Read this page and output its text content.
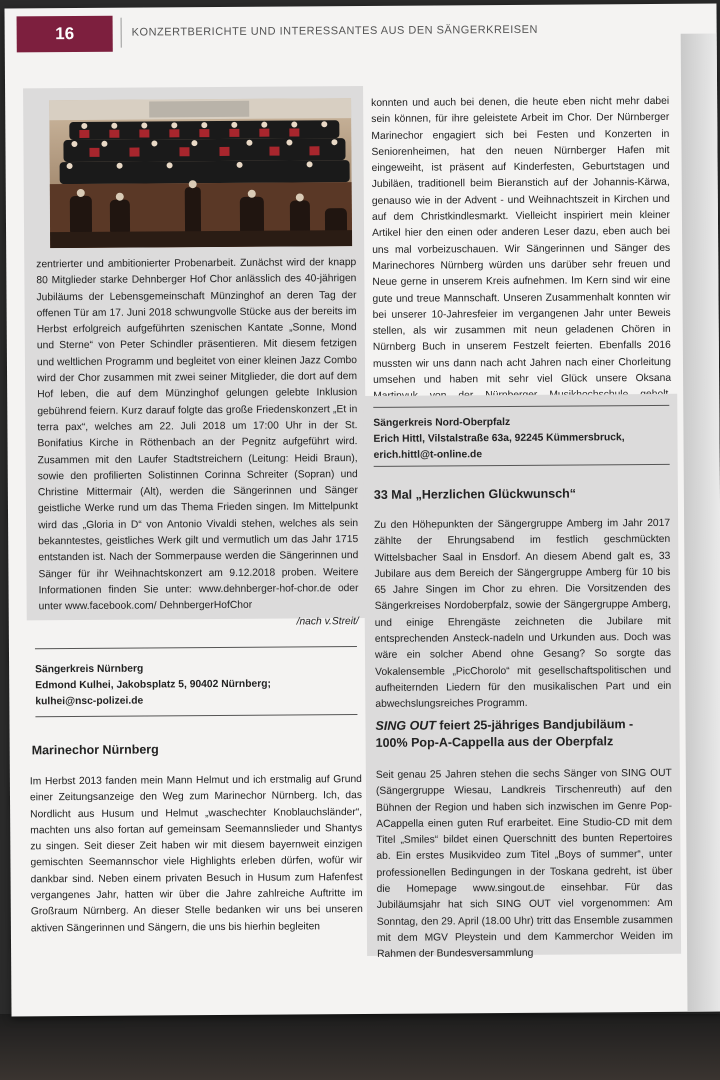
16	KONZERTBERICHTE UND INTERESSANTES AUS DEN SÄNGERKREISEN

zentrierter und ambitionierter Probenarbeit. Zunächst wird der knapp 80 Mitglieder starke Dehnberger Hof Chor anlässlich des 40-jährigen Jubiläums der Lebensgemeinschaft Münzinghof an deren Tag der offenen Tür am 17. Juni 2018 schwungvolle Stücke aus der bereits im Herbst erfolgreich aufgeführten szenischen Kantate „Sonne, Mond und Sterne“ von Peter Schindler präsentieren. Mit diesem fetzigen und weltlichen Programm und begleitet von einer kleinen Jazz Combo wird der Chor zusammen mit zwei seiner Mitglieder, die dort auf dem Hof leben, die auf dem Münzinghof gelungen gelebte Inklusion gebührend feiern. Kurz darauf folgte das große Friedenskonzert „Et in terra pax“, welches am 22. Juli 2018 um 17:00 Uhr in der St. Bonifatius Kirche in Röthenbach an der Pegnitz aufgeführt wird. Zusammen mit den Laufer Stadtstreichern (Leitung: Heidi Braun), sowie den profilierten Solistinnen Corinna Schreiter (Sopran) und Christine Mittermair (Alt), werden die Sängerinnen und Sänger geistliche Werke rund um das Thema Frieden singen. Im Mittelpunkt wird das „Gloria in D“ von Antonio Vivaldi stehen, welches als sein bekanntestes, geistliches Werk gilt und vermutlich um das Jahr 1715 entstanden ist. Nach der Sommerpause werden die Sängerinnen und Sänger für ihr Weihnachtskonzert am 9.12.2018 proben. Weitere Informationen finden Sie unter: www.dehnberger-hof-chor.de oder unter www.facebook.com/ DehnbergerHofChor

/nach v.Streit/

Sängerkreis Nürnberg
Edmond Kulhei, Jakobsplatz 5, 90402 Nürnberg;
kulhei@nsc-polizei.de
Marinechor Nürnberg

Im Herbst 2013 fanden mein Mann Helmut und ich erstmalig auf Grund einer Zeitungsanzeige den Weg zum Marinechor Nürnberg. Ich, das Nordlicht aus Husum und Helmut „waschechter Knoblauchsländer“, machten uns also fortan auf gemeinsam Seemannslieder und Shantys zu singen. Seit dieser Zeit haben wir mit diesem bayernweit einzigen gemischten Seemannschor viele Highlights erleben dürfen, wofür wir dankbar sind. Neben einem privaten Besuch in Husum zum Hafenfest vergangenes Jahr, hatten wir über die Jahre zahlreiche Auftritte im Großraum Nürnberg. An dieser Stelle bedanken wir uns bei unseren aktiven Sängerinnen und Sängern, die uns bis hierhin begleiten

konnten und auch bei denen, die heute eben nicht mehr dabei sein können, für ihre geleistete Arbeit im Chor. Der Nürnberger Marinechor engagiert sich bei Festen und Konzerten in Seniorenheimen, hat den neuen Nürnberger Hafen mit eingeweiht, ist präsent auf Kinderfesten, Geburtstagen und Jubiläen, traditionell beim Bieranstich auf der Johannis-Kärwa, genauso wie in der Advent - und Weihnachtszeit in Kirchen und auf dem Christkindlesmarkt. Vielleicht inspiriert mein kleiner Artikel hier den einen oder anderen Leser dazu, eben auch bei uns mal vorbeizuschauen. Wir Sängerinnen und Sänger des Marinechores Nürnberg würden uns darüber sehr freuen und Neue gerne in unserem Kreis aufnehmen. Im Kern sind wir eine gute und treue Mannschaft. Unseren Zusammenhalt konnten wir bei unserer 10-Jahresfeier im vergangenen Jahr unter Beweis stellen, als wir zusammen mit neun geladenen Chören in Nürnberg Buch in unserem Festzelt feierten. Ebenfalls 2016 mussten wir uns dann nach acht Jahren nach einer Chorleitung umsehen und haben mit sehr viel Glück unsere Oksana

Sängerkreis Nord-Oberpfalz
Erich Hittl, Vilstalstraße 63a, 92245 Kümmersbruck,
erich.hittl@t-online.de
33 Mal „Herzlichen Glückwunsch“

Zu den Höhepunkten der Sängergruppe Amberg im Jahr 2017 zählte der Ehrungsabend im festlich geschmückten Wittelsbacher Saal in Ensdorf. An diesem Abend galt es, 33 Jubilare aus dem Bereich der Sängergruppe Amberg für 10 bis 65 Jahre Singen im Chor zu ehren. Die Vorsitzenden des Sängerkreises Nordoberpfalz, sowie der Sängergruppe Amberg, und einige Ehrengäste zeichneten die Jubilare mit entsprechenden Ansteck-nadeln und Urkunden aus. Doch was wäre ein solcher Abend ohne Gesang? So sorgte das Vokalensemble „PicChorolo“ mit gesellschaftspolitischen und aufheiternden Liedern für den musikalischen Part und ein abwechslungsreiches Programm.

SING OUT feiert 25-jähriges Bandjubiläum -
100% Pop-A-Cappella aus der Oberpfalz

Seit genau 25 Jahren stehen die sechs Sänger von SING OUT (Sängergruppe Wiesau, Landkreis Tirschenreuth) auf den Bühnen der Region und haben sich inzwischen im Genre Pop-ACappella einen guten Ruf erarbeitet. Eine Studio-CD mit dem Titel „Smiles“ bildet einen Querschnitt des bunten Repertoires ab. Ein erstes Musikvideo zum Titel „Boys of summer“, unter professionellen Bedingungen in der Toskana gedreht, ist über die Homepage www.singout.de einsehbar. Für das Jubiläumsjahr hat sich SING OUT viel vorgenommen: Am Sonntag, den 29. April (18.00 Uhr) tritt das Ensemble zusammen mit dem MGV Pleystein und dem Kammerchor Weiden im Rahmen der Bundesversammlung
